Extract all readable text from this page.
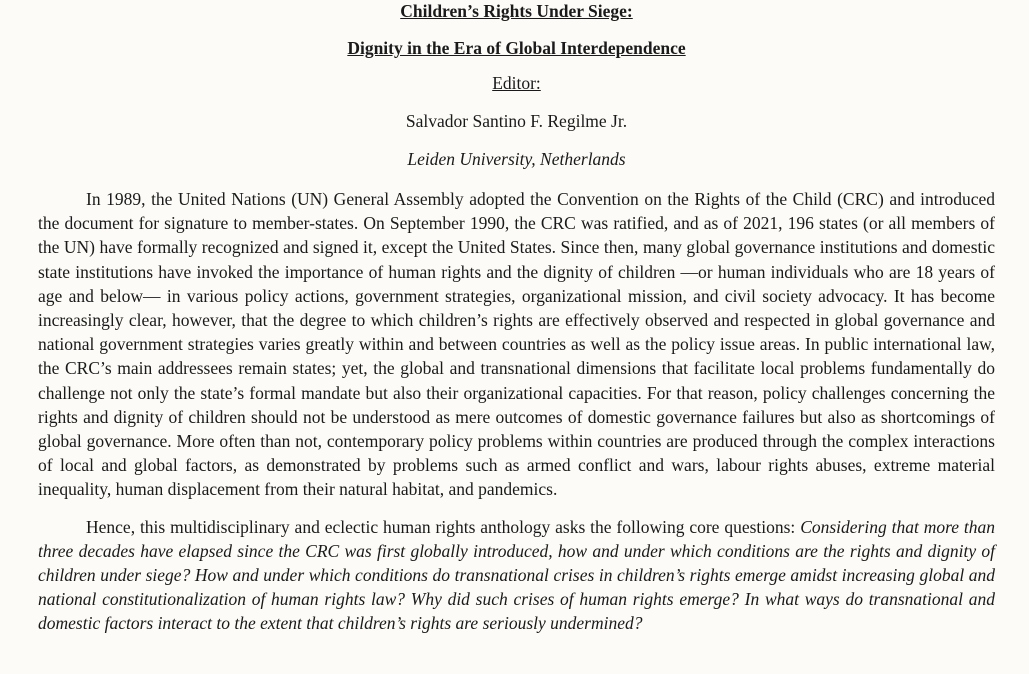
Children’s Rights Under Siege:
Dignity in the Era of Global Interdependence
Editor:
Salvador Santino F. Regilme Jr.
Leiden University, Netherlands

In 1989, the United Nations (UN) General Assembly adopted the Convention on the Rights of the Child (CRC) and introduced the document for signature to member-states. On September 1990, the CRC was ratified, and as of 2021, 196 states (or all members of the UN) have formally recognized and signed it, except the United States. Since then, many global governance institutions and domestic state institutions have invoked the importance of human rights and the dignity of children —or human individuals who are 18 years of age and below— in various policy actions, government strategies, organizational mission, and civil society advocacy. It has become increasingly clear, however, that the degree to which children’s rights are effectively observed and respected in global governance and national government strategies varies greatly within and between countries as well as the policy issue areas. In public international law, the CRC’s main addressees remain states; yet, the global and transnational dimensions that facilitate local problems fundamentally do challenge not only the state’s formal mandate but also their organizational capacities. For that reason, policy challenges concerning the rights and dignity of children should not be understood as mere outcomes of domestic governance failures but also as shortcomings of global governance. More often than not, contemporary policy problems within countries are produced through the complex interactions of local and global factors, as demonstrated by problems such as armed conflict and wars, labour rights abuses, extreme material inequality, human displacement from their natural habitat, and pandemics.

Hence, this multidisciplinary and eclectic human rights anthology asks the following core questions: Considering that more than three decades have elapsed since the CRC was first globally introduced, how and under which conditions are the rights and dignity of children under siege? How and under which conditions do transnational crises in children’s rights emerge amidst increasing global and national constitutionalization of human rights law? Why did such crises of human rights emerge? In what ways do transnational and domestic factors interact to the extent that children’s rights are seriously undermined?
